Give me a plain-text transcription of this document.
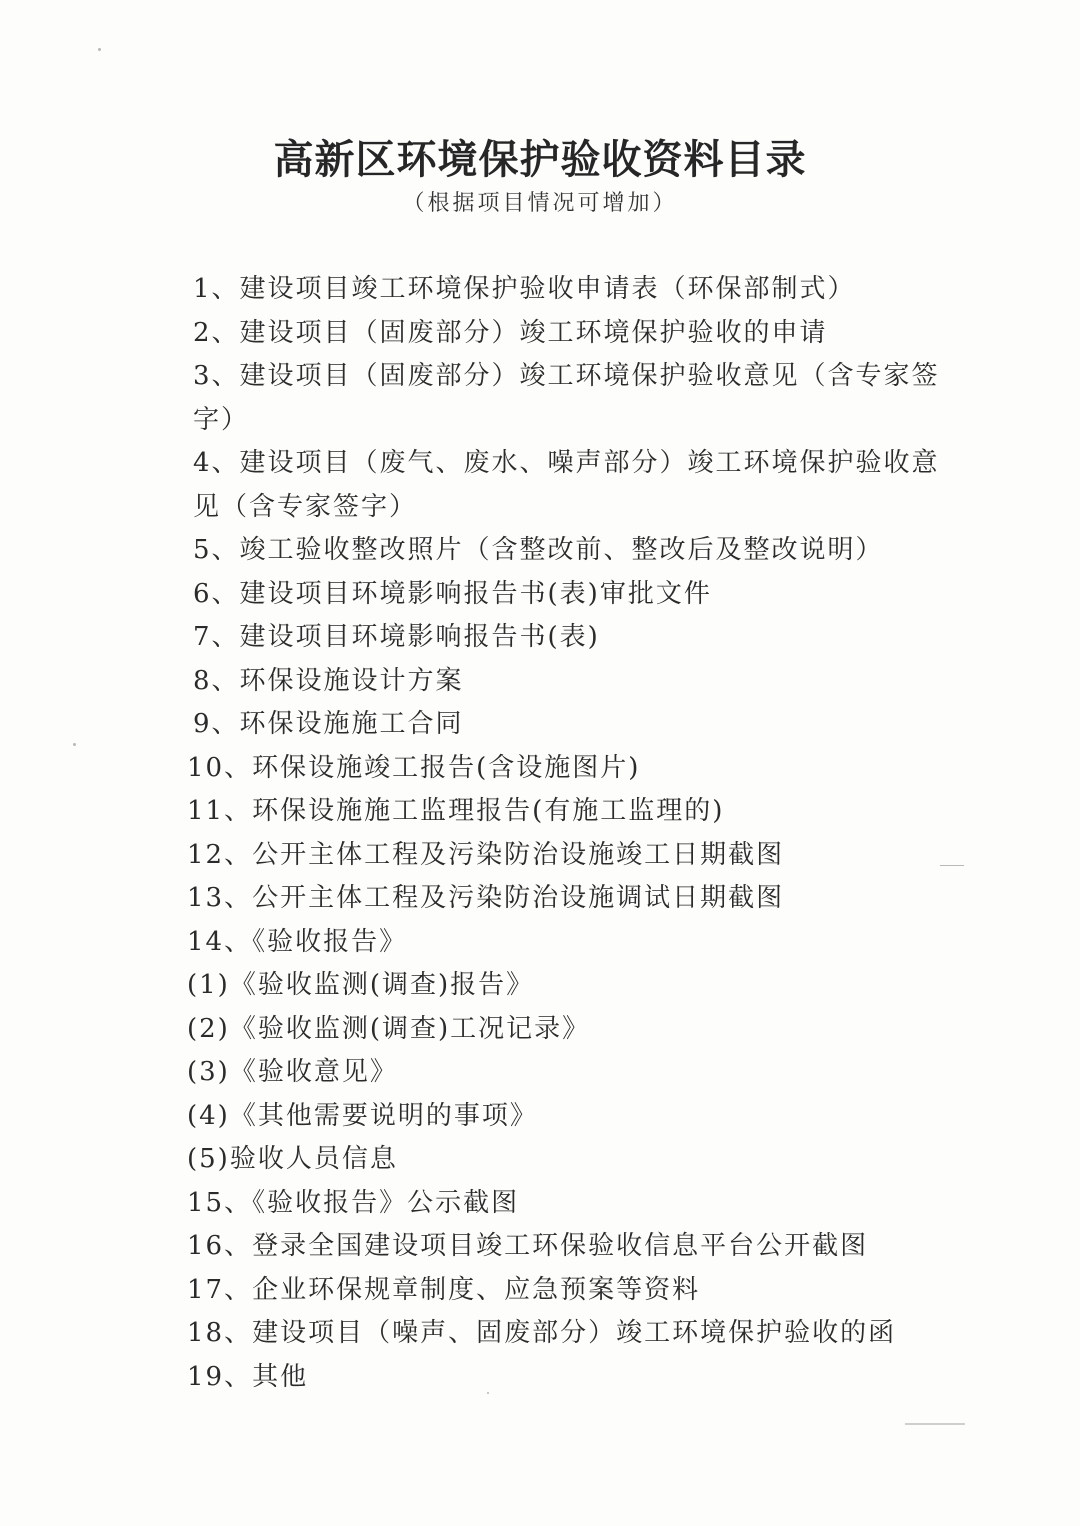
高新区环境保护验收资料目录
（根据项目情况可增加）
1、建设项目竣工环境保护验收申请表（环保部制式）
2、建设项目（固废部分）竣工环境保护验收的申请
3、建设项目（固废部分）竣工环境保护验收意见（含专家签字）
4、建设项目（废气、废水、噪声部分）竣工环境保护验收意见（含专家签字）
5、竣工验收整改照片（含整改前、整改后及整改说明）
6、建设项目环境影响报告书(表)审批文件
7、建设项目环境影响报告书(表)
8、环保设施设计方案
9、环保设施施工合同
10、环保设施竣工报告(含设施图片)
11、环保设施施工监理报告(有施工监理的)
12、公开主体工程及污染防治设施竣工日期截图
13、公开主体工程及污染防治设施调试日期截图
14、《验收报告》
(1)《验收监测(调查)报告》
(2)《验收监测(调查)工况记录》
(3)《验收意见》
(4)《其他需要说明的事项》
(5)验收人员信息
15、《验收报告》公示截图
16、登录全国建设项目竣工环保验收信息平台公开截图
17、企业环保规章制度、应急预案等资料
18、建设项目（噪声、固废部分）竣工环境保护验收的函
19、其他
